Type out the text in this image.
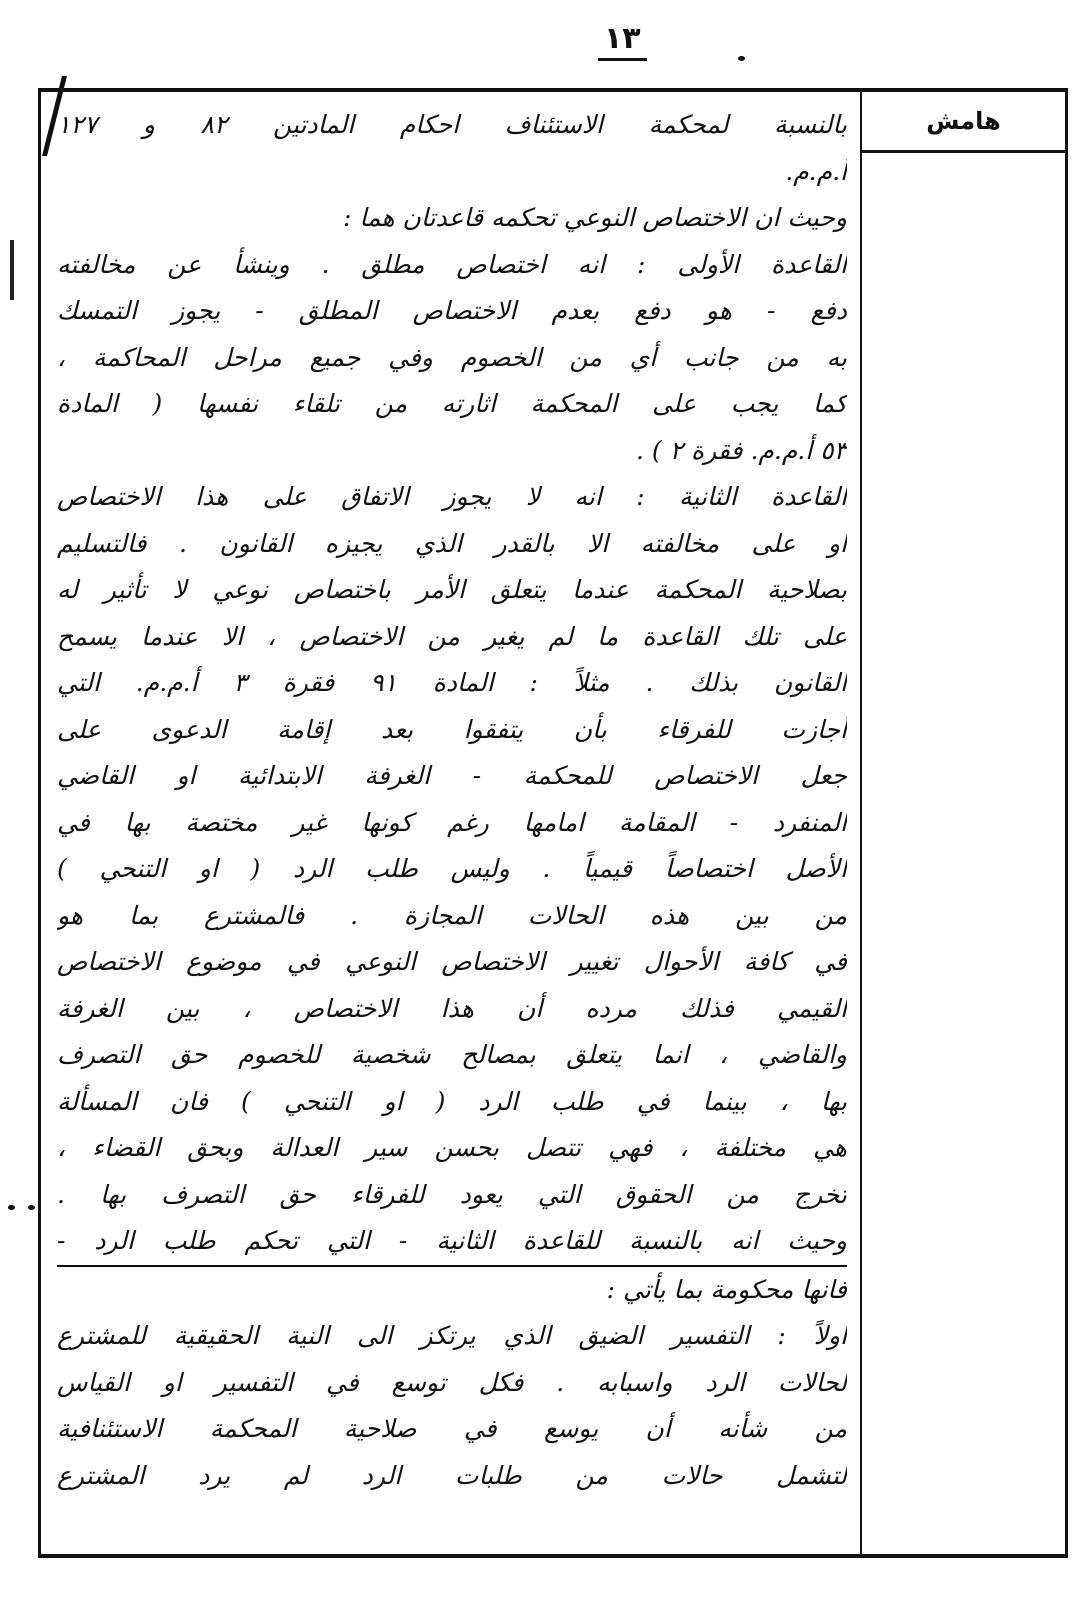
١٣
بالنسبة لمحكمة الاستئناف احكام المادتين ٨٢ و ١٢٧
أ.م.م.
وحيث ان الاختصاص النوعي تحكمه قاعدتان هما :
القاعدة الأولى : انه اختصاص مطلق . وينشأ عن مخالفته
دفع - هو دفع بعدم الاختصاص المطلق - يجوز التمسك
به من جانب أي من الخصوم وفي جميع مراحل المحاكمة ،
كما يجب على المحكمة اثارته من تلقاء نفسها ( المادة
٥٣ أ.م.م. فقرة ٢ ) .
القاعدة الثانية : انه لا يجوز الاتفاق على هذا الاختصاص
او على مخالفته الا بالقدر الذي يجيزه القانون . فالتسليم
بصلاحية المحكمة عندما يتعلق الأمر باختصاص نوعي لا تأثير له
على تلك القاعدة ما لم يغير من الاختصاص ، الا عندما يسمح
القانون بذلك . مثلاً : المادة ٩١ فقرة ٣ أ.م.م. التي
أجازت للفرقاء بأن يتفقوا بعد إقامة الدعوى على
جعل الاختصاص للمحكمة - الغرفة الابتدائية او القاضي
المنفرد - المقامة امامها رغم كونها غير مختصة بها في
الأصل اختصاصاً قيمياً . وليس طلب الرد ( او التنحي )
من بين هذه الحالات المجازة . فالمشترع بما هو
في كافة الأحوال تغيير الاختصاص النوعي في موضوع الاختصاص
القيمي فذلك مرده أن هذا الاختصاص ، بين الغرفة
والقاضي ، انما يتعلق بمصالح شخصية للخصوم حق التصرف
بها ، بينما في طلب الرد ( او التنحي ) فان المسألة
هي مختلفة ، فهي تتصل بحسن سير العدالة وبحق القضاء ،
تخرج من الحقوق التي يعود للفرقاء حق التصرف بها .
وحيث انه بالنسبة للقاعدة الثانية - التي تحكم طلب الرد -
فانها محكومة بما يأتي :
اولاً : التفسير الضيق الذي يرتكز الى النية الحقيقية للمشترع
لحالات الرد واسبابه . فكل توسع في التفسير او القياس
من شأنه أن يوسع في صلاحية المحكمة الاستئنافية
لتشمل حالات من طلبات الرد لم يرد المشترع
هامش
